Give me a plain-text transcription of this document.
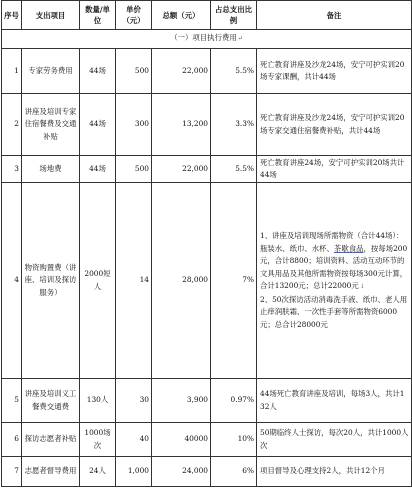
序号	支出项目	数量/单位	单价（元）	总额（元）	占总支出比例	备注
（一）项目执行费用↵						
1	专家劳务费用	44场	500	22,000	5.5%	死亡教育讲座及沙龙24场，安宁可护实训20场专家课酬，共计44场
2	讲座及培训专家住宿餐费及交通补贴	44场	300	13,200	3.3%	死亡教育讲座及沙龙24场，安宁可护实训20场专家交通住宿餐费补贴，共计44场
3	场地费	44场	500	22,000	5.5%	死亡教育讲座24场，安宁可护实训20场共计44场
4	物资购置费（讲座、培训及探访服务）	2000短人	14	28,000	7%	1、讲座及培训现场所需物资（合计44场）：瓶装水、纸巾、水杯、茶歇食品，按每场200元，合计8800；培训资料、活动互动环节的文具用品及其他所需物资按每场300元计算，合计13200元；总计22000元↓
2、50次探访活动消毒洗手液、纸巾、老人用止痒润肤霜、一次性手套等所需物资6000元；总合计28000元

5	讲座及培训义工餐费交通费	130人	30	3,900	0.97%	44场死亡教育讲座及培训，每场3人，共计132人
6	探访志愿者补贴	1000场次	40	40000	10%	50期临终人士探访，每次20人，共计1000人次
7	志愿者督导费用	24人	1,000	24,000	6%	项目督导及心理支持2人，共计12个月
